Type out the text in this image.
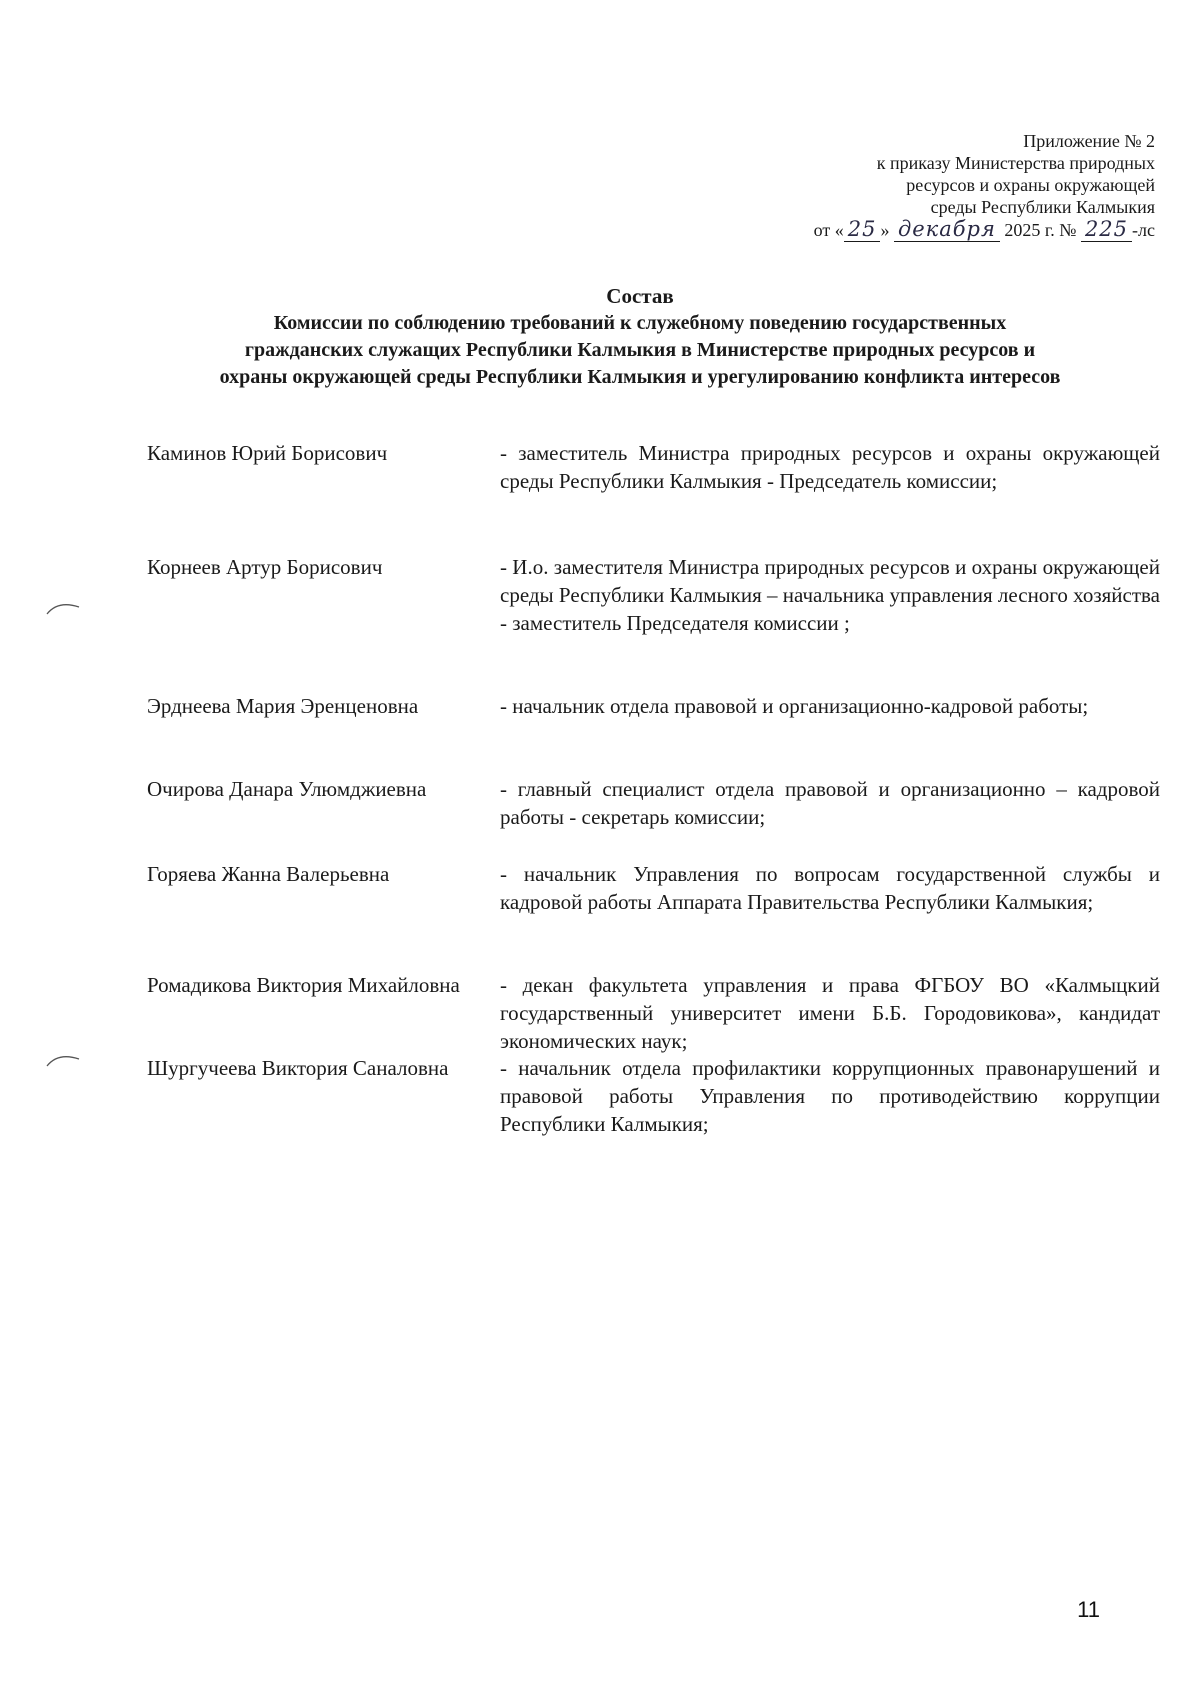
Приложение № 2
к приказу Министерства природных
ресурсов и охраны окружающей
среды Республики Калмыкия
от « 25 » декабря 2025 г. № 225 -лс
Состав
Комиссии по соблюдению требований к служебному поведению государственных
гражданских служащих Республики Калмыкия в Министерстве природных ресурсов и
охраны окружающей среды Республики Калмыкия и урегулированию конфликта интересов
Каминов Юрий Борисович	- заместитель Министра природных ресурсов и охраны окружающей среды Республики Калмыкия - Председатель комиссии;
Корнеев Артур Борисович	- И.о. заместителя Министра природных ресурсов и охраны окружающей среды Республики Калмыкия – начальника управления лесного хозяйства - заместитель Председателя комиссии ;
Эрднеева Мария Эренценовна	- начальник отдела правовой и организационно-кадровой работы;
Очирова Данара Улюмджиевна	- главный специалист отдела правовой и организационно – кадровой работы - секретарь комиссии;
Горяева Жанна Валерьевна	- начальник Управления по вопросам государственной службы и кадровой работы Аппарата Правительства Республики Калмыкия;
Ромадикова Виктория Михайловна	- декан факультета управления и права ФГБОУ ВО «Калмыцкий государственный университет имени Б.Б. Городовикова», кандидат экономических наук;
Шургучеева Виктория Саналовна	- начальник отдела профилактики коррупционных правонарушений и правовой работы Управления по противодействию коррупции Республики Калмыкия;
11
